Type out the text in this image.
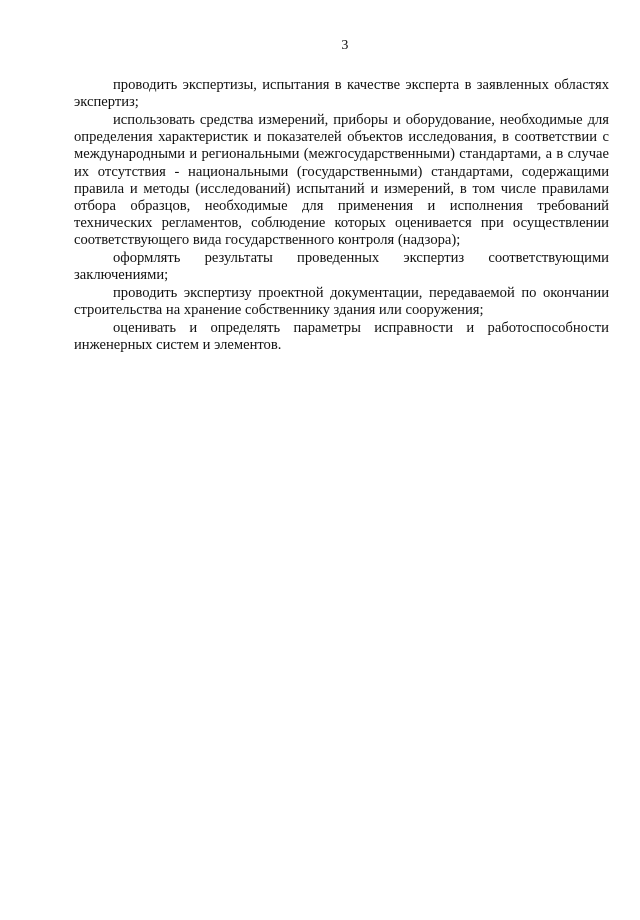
3

проводить экспертизы, испытания в качестве эксперта в заявленных областях экспертиз;

использовать средства измерений, приборы и оборудование, необходимые для определения характеристик и показателей объектов исследования, в соответствии с международными и региональными (межгосударственными) стандартами, а в случае их отсутствия - национальными (государственными) стандартами, содержащими правила и методы (исследований) испытаний и измерений, в том числе правилами отбора образцов, необходимые для применения и исполнения требований технических регламентов, соблюдение которых оценивается при осуществлении соответствующего вида государственного контроля (надзора);

оформлять результаты проведенных экспертиз соответствующими заключениями;

проводить экспертизу проектной документации, передаваемой по окончании строительства на хранение собственнику здания или сооружения;

оценивать и определять параметры исправности и работоспособности инженерных систем и элементов.
